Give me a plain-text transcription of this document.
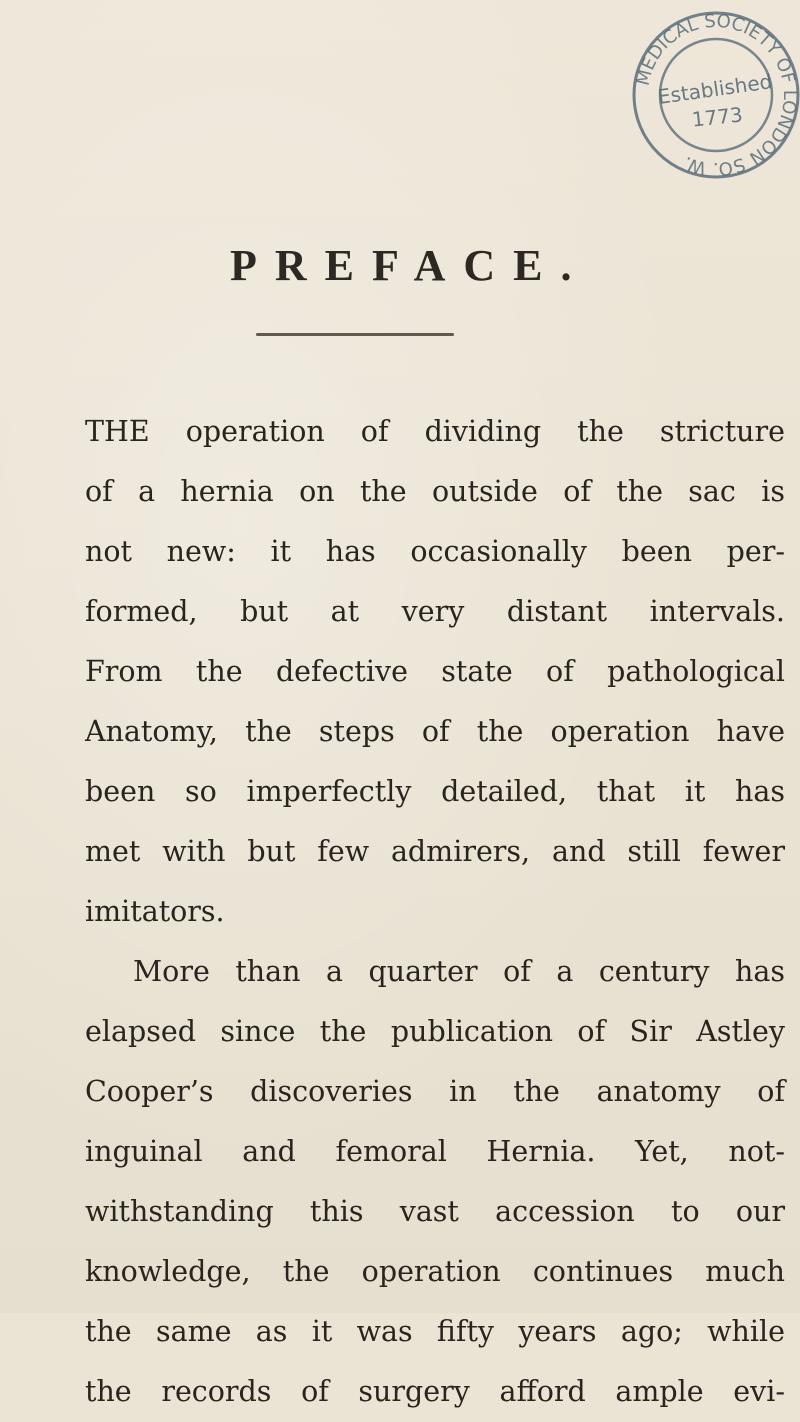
MEDICAL SOCIETY OF LONDON SO. W.
Established
1773
PREFACE.
THE operation of dividing the stricture
of a hernia on the outside of the sac is
not new: it has occasionally been per-
formed, but at very distant intervals.
From the defective state of pathological
Anatomy, the steps of the operation have
been so imperfectly detailed, that it has
met with but few admirers, and still fewer
imitators.
More than a quarter of a century has
elapsed since the publication of Sir Astley
Cooper’s discoveries in the anatomy of
inguinal and femoral Hernia. Yet, not-
withstanding this vast accession to our
knowledge, the operation continues much
the same as it was fifty years ago; while
the records of surgery afford ample evi-
